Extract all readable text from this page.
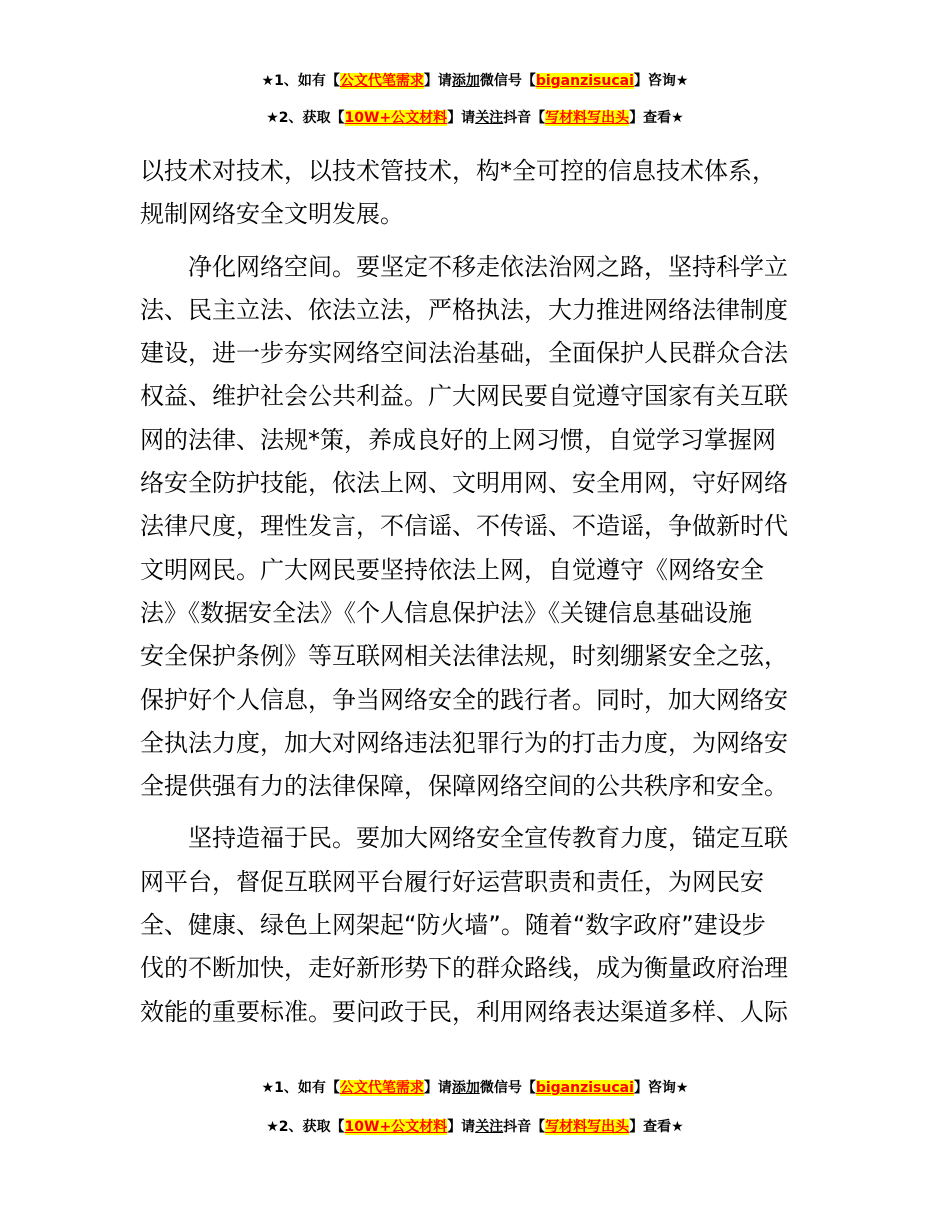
★1、如有【公文代笔需求】请添加微信号【biganzisucai】咨询★
★2、获取【10W+公文材料】请关注抖音【写材料写出头】查看★
以技术对技术，以技术管技术，构*全可控的信息技术体系，
规制网络安全文明发展。
净化网络空间。要坚定不移走依法治网之路，坚持科学立
法、民主立法、依法立法，严格执法，大力推进网络法律制度
建设，进一步夯实网络空间法治基础，全面保护人民群众合法
权益、维护社会公共利益。广大网民要自觉遵守国家有关互联
网的法律、法规*策，养成良好的上网习惯，自觉学习掌握网
络安全防护技能，依法上网、文明用网、安全用网，守好网络
法律尺度，理性发言，不信谣、不传谣、不造谣，争做新时代
文明网民。广大网民要坚持依法上网，自觉遵守《网络安全
法》《数据安全法》《个人信息保护法》《关键信息基础设施
安全保护条例》等互联网相关法律法规，时刻绷紧安全之弦，
保护好个人信息，争当网络安全的践行者。同时，加大网络安
全执法力度，加大对网络违法犯罪行为的打击力度，为网络安
全提供强有力的法律保障，保障网络空间的公共秩序和安全。
坚持造福于民。要加大网络安全宣传教育力度，锚定互联
网平台，督促互联网平台履行好运营职责和责任，为网民安
全、健康、绿色上网架起“防火墙”。随着“数字政府”建设步
伐的不断加快，走好新形势下的群众路线，成为衡量政府治理
效能的重要标准。要问政于民，利用网络表达渠道多样、人际
★1、如有【公文代笔需求】请添加微信号【biganzisucai】咨询★
★2、获取【10W+公文材料】请关注抖音【写材料写出头】查看★
